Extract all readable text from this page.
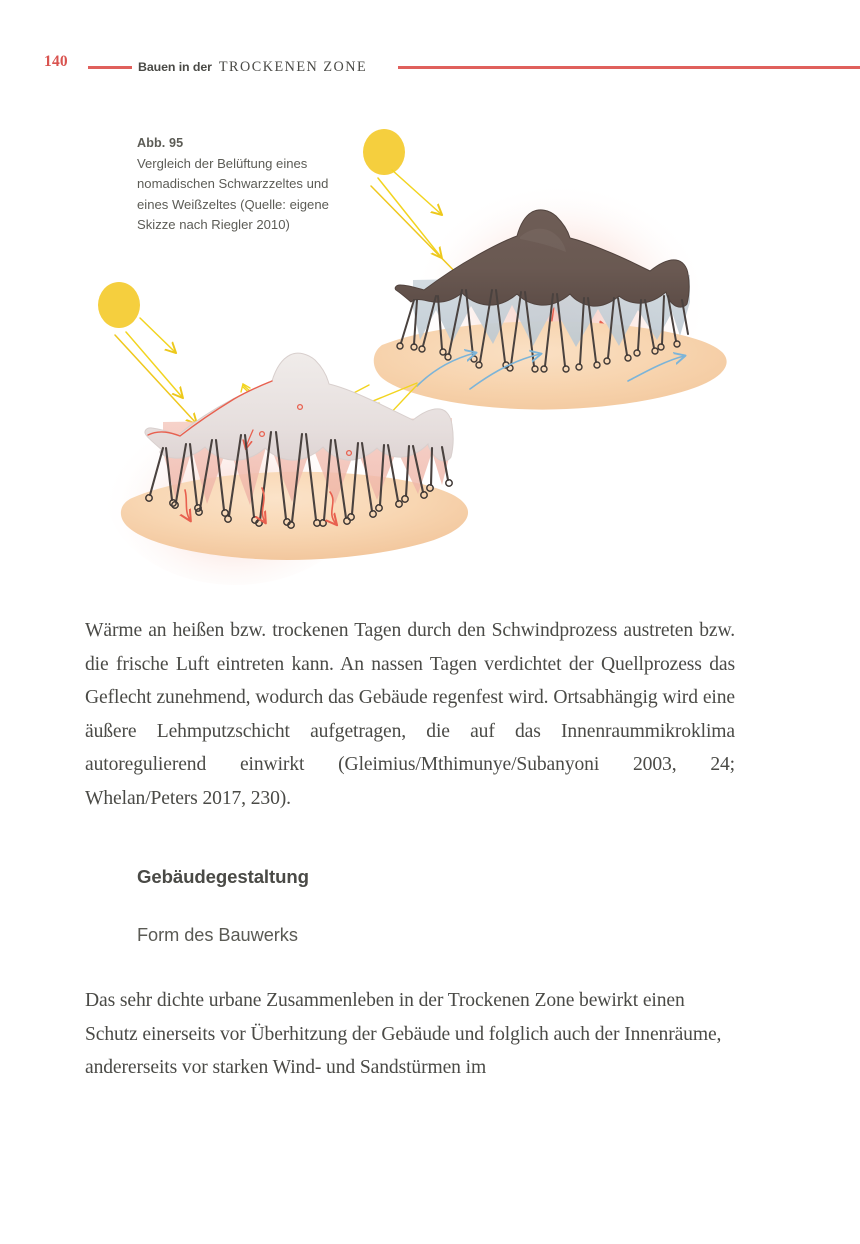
140	Bauen in der TROCKENEN ZONE
Abb. 95
Vergleich der Belüftung eines nomadischen Schwarzzeltes und eines Weißzeltes (Quelle: eigene Skizze nach Riegler 2010)

Wärme an heißen bzw. trockenen Tagen durch den Schwindprozess austreten bzw. die frische Luft eintreten kann. An nassen Tagen verdichtet der Quellprozess das Geflecht zunehmend, wodurch das Gebäude regenfest wird. Ortsabhängig wird eine äußere Lehmputzschicht aufgetragen, die auf das Innenraummikroklima autoregulierend einwirkt (Gleimius/Mthimunye/Subanyoni 2003, 24; Whelan/Peters 2017, 230).

Gebäudegestaltung
Form des Bauwerks

Das sehr dichte urbane Zusammenleben in der Trockenen Zone bewirkt einen Schutz einerseits vor Überhitzung der Gebäude und folglich auch der Innenräume, andererseits vor starken Wind- und Sandstürmen im
